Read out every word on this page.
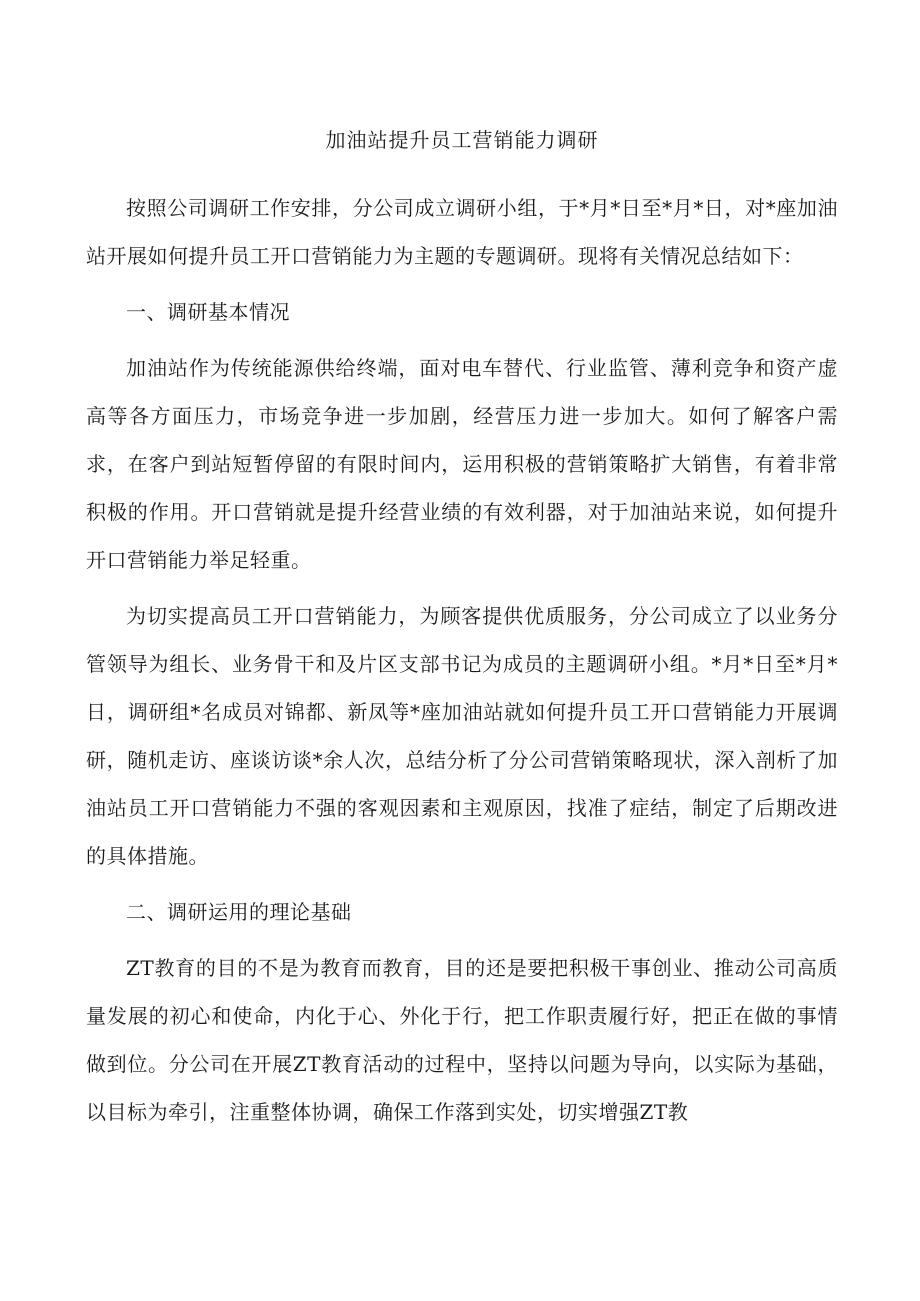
加油站提升员工营销能力调研

按照公司调研工作安排，分公司成立调研小组，于*月*日至*月*日，对*座加油站开展如何提升员工开口营销能力为主题的专题调研。现将有关情况总结如下：

一、调研基本情况

加油站作为传统能源供给终端，面对电车替代、行业监管、薄利竞争和资产虚高等各方面压力，市场竞争进一步加剧，经营压力进一步加大。如何了解客户需求，在客户到站短暂停留的有限时间内，运用积极的营销策略扩大销售，有着非常积极的作用。开口营销就是提升经营业绩的有效利器，对于加油站来说，如何提升开口营销能力举足轻重。

为切实提高员工开口营销能力，为顾客提供优质服务，分公司成立了以业务分管领导为组长、业务骨干和及片区支部书记为成员的主题调研小组。*月*日至*月*日，调研组*名成员对锦都、新凤等*座加油站就如何提升员工开口营销能力开展调研，随机走访、座谈访谈*余人次，总结分析了分公司营销策略现状，深入剖析了加油站员工开口营销能力不强的客观因素和主观原因，找准了症结，制定了后期改进的具体措施。

二、调研运用的理论基础

ZT教育的目的不是为教育而教育，目的还是要把积极干事创业、推动公司高质量发展的初心和使命，内化于心、外化于行，把工作职责履行好，把正在做的事情做到位。分公司在开展ZT教育活动的过程中，坚持以问题为导向，以实际为基础，以目标为牵引，注重整体协调，确保工作落到实处，切实增强ZT教
